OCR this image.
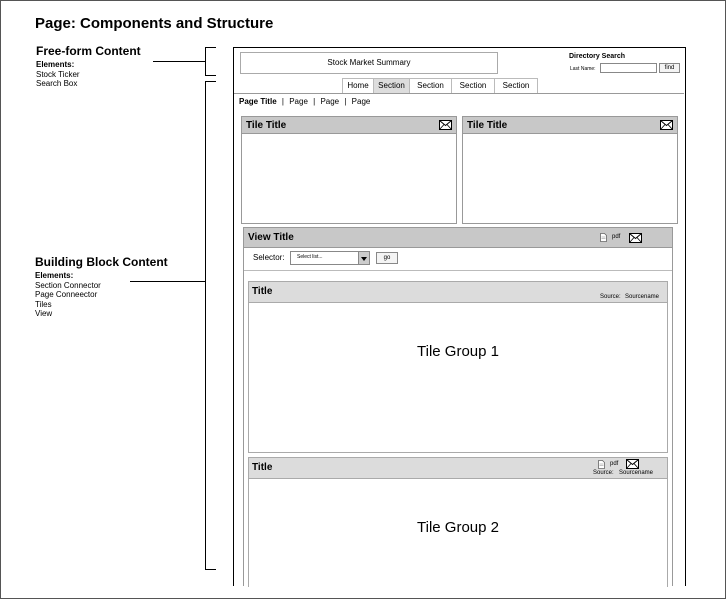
Page: Components and Structure
Free-form Content
Elements:
Stock Ticker
Search Box
Building Block Content
Elements:
Section Connector
Page Conneector
Tiles
View
Stock Market Summary
Directory Search
Last Name:	find
Home	Section	Section	Section	Section
Page Title | Page | Page | Page
Tile Title	Tile Title
View Title	pdf
Selector: Select list...	go
Title	Source: Sourcename
Tile Group 1
Title	pdf
Source: Sourcename
Tile Group 2
